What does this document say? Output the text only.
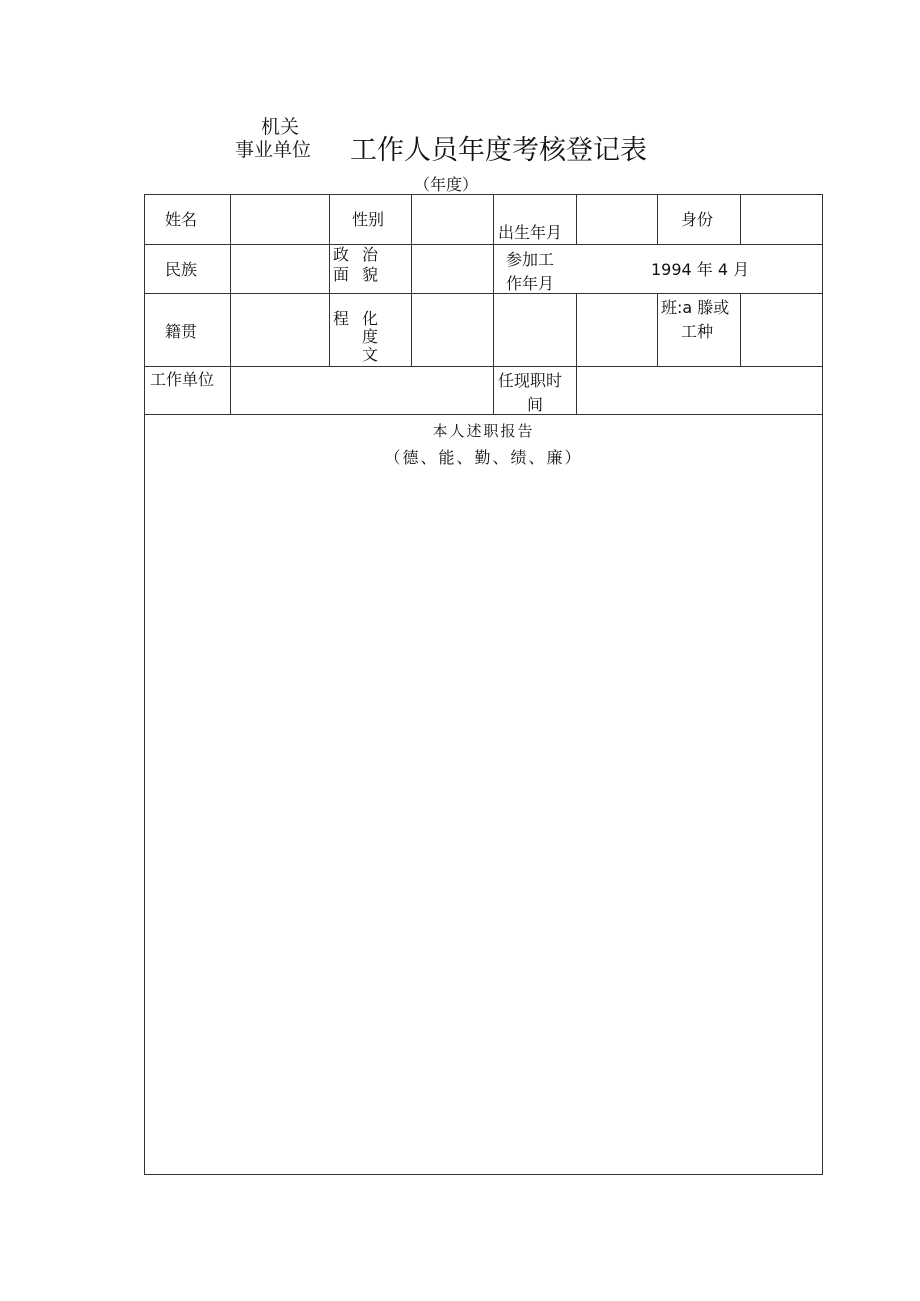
机关
事业单位 工作人员年度考核登记表
（年度）
姓名	性别
出生年月
身份
民族
政 治
面 貌
参加工
作年月
1994 年 4 月
籍贯
程 化
度
文
班:a 滕或
工种
工作单位	任现职时
间
本人述职报告
（德、能、勤、绩、廉）
